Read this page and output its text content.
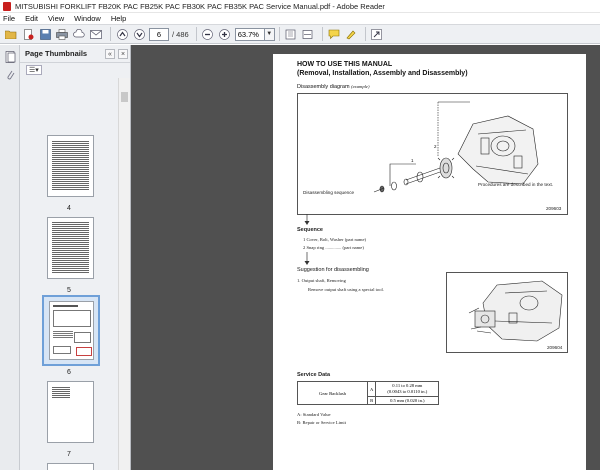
MITSUBISHI FORKLIFT FB20K PAC FB25K PAC FB30K PAC FB35K PAC Service Manual.pdf - Adobe Reader
File Edit View Window Help
6	/ 486	63.7%	▼
Page Thumbnails	«	×
☰▾
4
5
6
7
HOW TO USE THIS MANUAL
(Removal, Installation, Assembly and Disassembly)
Disassembly diagram (example)
2
1
Disassembling sequence
Procedures are described in the text.
209603
Sequence
1 Cover, Bolt, Washer (part name)
2 Snap ring .............. (part name)
Suggestion for disassembling
1. Output shaft, Removing
Remove output shaft using a special tool.
209604
Service Data
Gear Backlash	A	0.11 to 0.28 mm
(0.0043 to 0.0110 in.)

	B	0.5 mm (0.020 in.)
A: Standard Value
B: Repair or Service Limit
